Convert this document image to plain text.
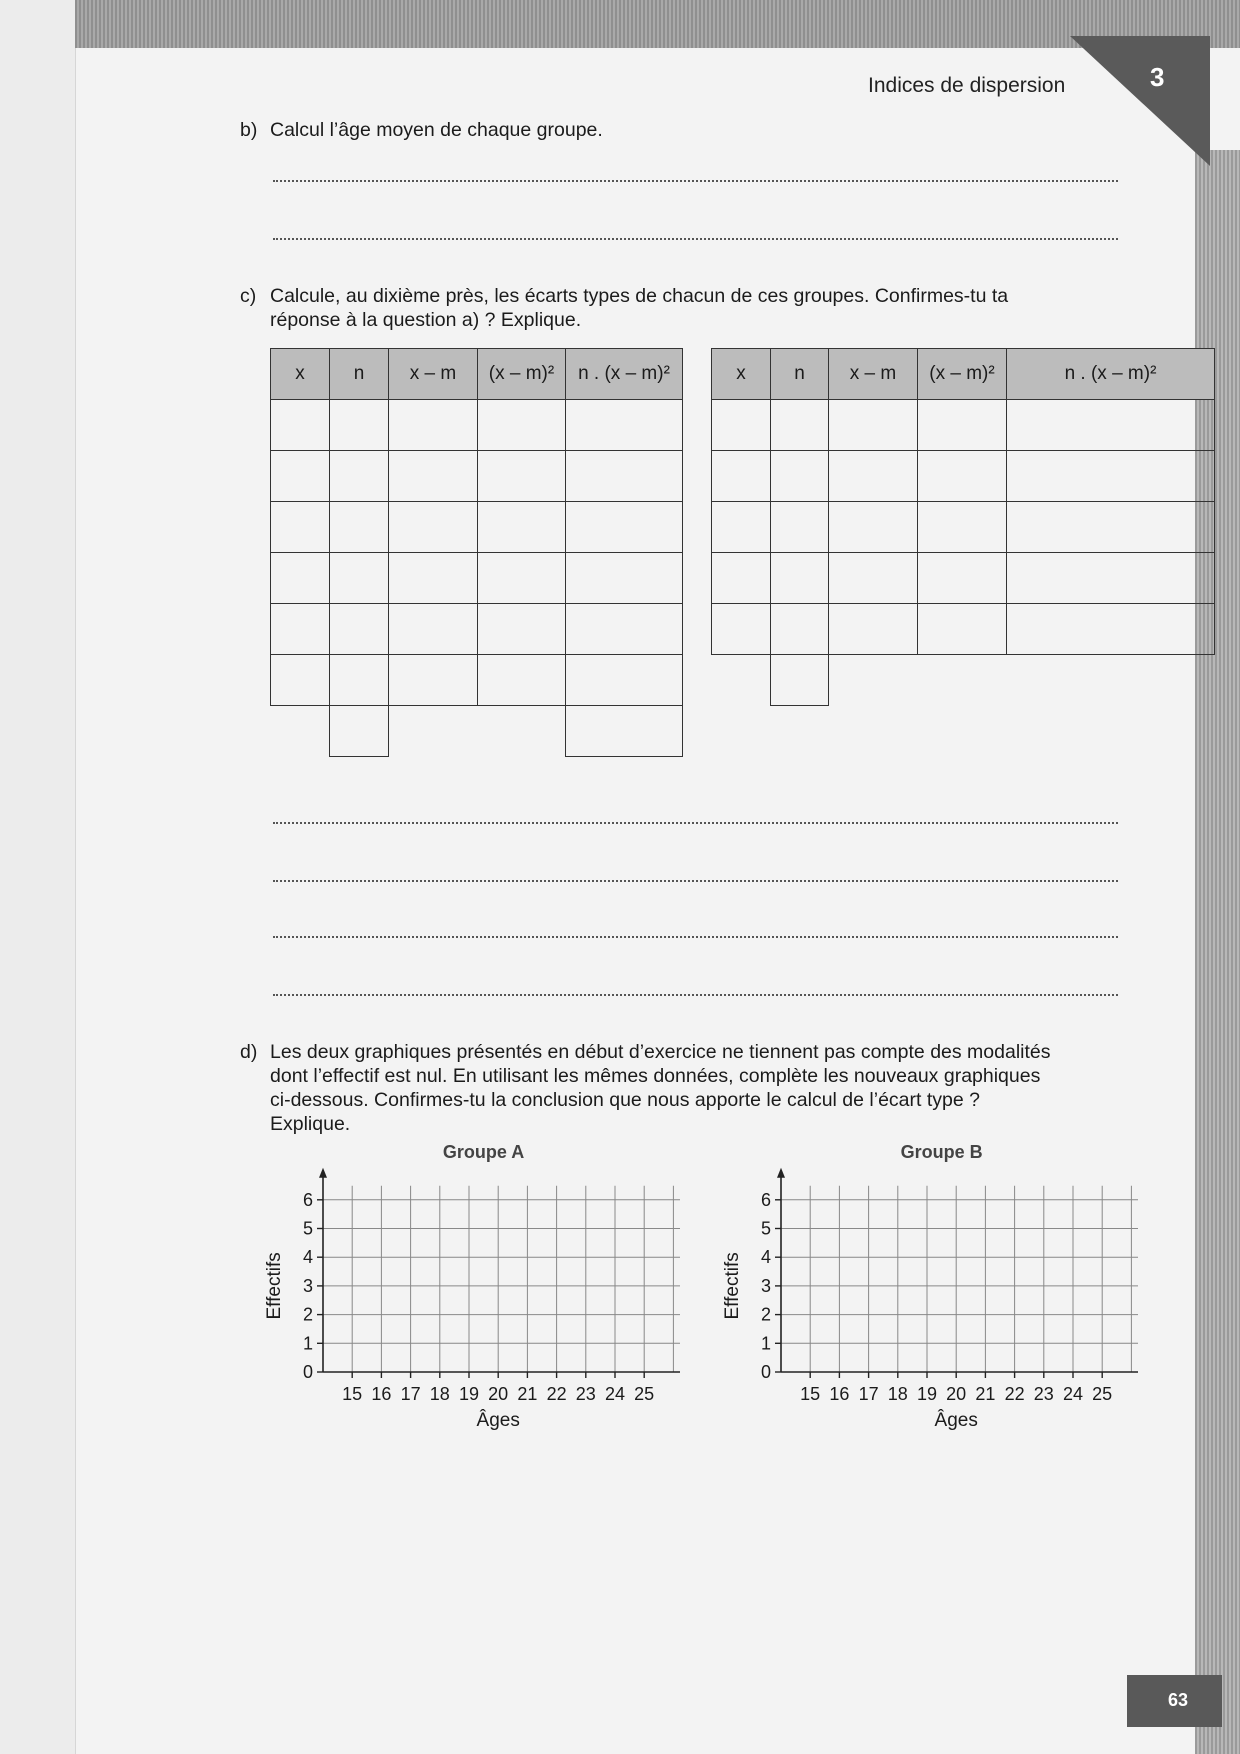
3
Indices de dispersion
b) Calcul l’âge moyen de chaque groupe.
c) Calcule, au dixième près, les écarts types de chacun de ces groupes. Confirmes-tu ta
réponse à la question a) ? Explique.
x	n	x – m	(x – m)²	n . (x – m)²

					x	n	x – m	(x – m)²	n . (x – m)²

d) Les deux graphiques présentés en début d’exercice ne tiennent pas compte des modalités
dont l’effectif est nul. En utilisant les mêmes données, complète les nouveaux graphiques
ci-dessous. Confirmes-tu la conclusion que nous apporte le calcul de l’écart type ?
Explique.
Groupe A
0
1
2
3
4
5
6
15 16 17 18 19 20 21 22 23 24 25
Effectifs
Âges
Groupe B
0
1
2
3
4
5
6
15 16 17 18 19 20 21 22 23 24 25
Effectifs
Âges
63
